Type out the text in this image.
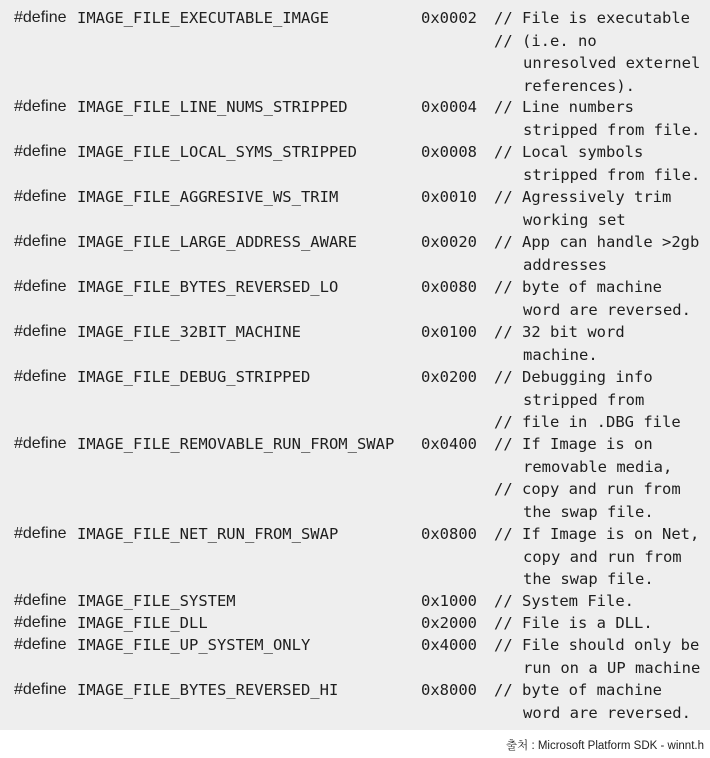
#define IMAGE_FILE_EXECUTABLE_IMAGE	0x0002 // File is executable
// (i.e. no
unresolved externel
references).
#define IMAGE_FILE_LINE_NUMS_STRIPPED	0x0004 // Line numbers
stripped from file.
#define IMAGE_FILE_LOCAL_SYMS_STRIPPED	0x0008 // Local symbols
stripped from file.
#define IMAGE_FILE_AGGRESIVE_WS_TRIM	0x0010 // Agressively trim
working set
#define IMAGE_FILE_LARGE_ADDRESS_AWARE	0x0020 // App can handle >2gb
addresses
#define IMAGE_FILE_BYTES_REVERSED_LO	0x0080 // byte of machine
word are reversed.
#define IMAGE_FILE_32BIT_MACHINE	0x0100 // 32 bit word
machine.
#define IMAGE_FILE_DEBUG_STRIPPED	0x0200 // Debugging info
stripped from
// file in .DBG file
#define IMAGE_FILE_REMOVABLE_RUN_FROM_SWAP 0x0400 // If Image is on
removable media,
// copy and run from
the swap file.
#define IMAGE_FILE_NET_RUN_FROM_SWAP	0x0800 // If Image is on Net,
copy and run from
the swap file.
#define IMAGE_FILE_SYSTEM	0x1000 // System File.
#define IMAGE_FILE_DLL	0x2000 // File is a DLL.
#define IMAGE_FILE_UP_SYSTEM_ONLY	0x4000 // File should only be
run on a UP machine
#define IMAGE_FILE_BYTES_REVERSED_HI	0x8000 // byte of machine
word are reversed.
출처 : Microsoft Platform SDK - winnt.h
